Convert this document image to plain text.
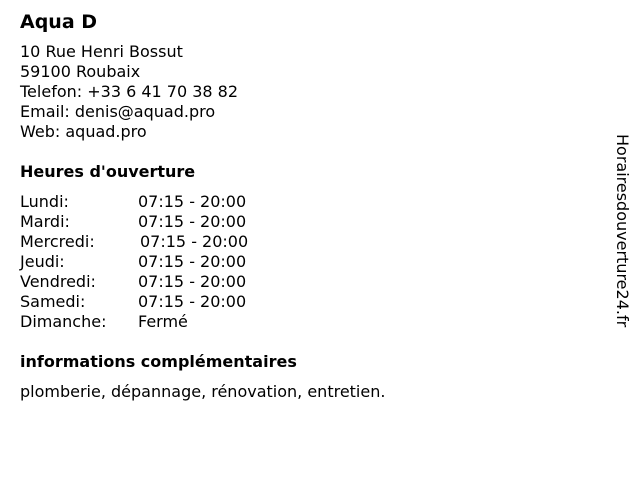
Aqua D
10 Rue Henri Bossut
59100 Roubaix
Telefon: +33 6 41 70 38 82
Email: denis@aquad.pro
Web: aquad.pro
Heures d'ouverture
Lundi:	07:15 - 20:00
Mardi:	07:15 - 20:00
Mercredi:	07:15 - 20:00
Jeudi:	07:15 - 20:00
Vendredi:	07:15 - 20:00
Samedi:	07:15 - 20:00
Dimanche:	Fermé
informations complémentaires
plomberie, dépannage, rénovation, entretien.
Horairesdouverture24.fr
